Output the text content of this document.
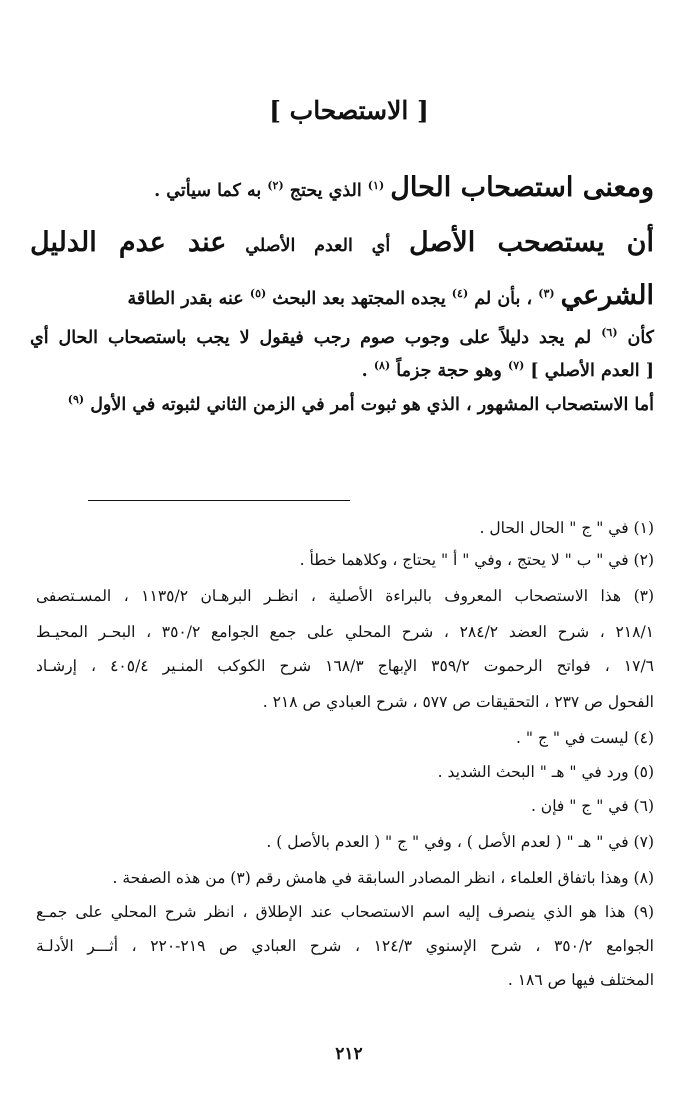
[ الاستصحاب ]
ومعنى استصحاب الحال $^{(١)}$ الذي يحتج $^{(٢)}$ به كما سيأتي .
أن يستصحب الأصل أي العدم الأصلي عند عدم الدليل
الشرعي $^{(٣)}$ ، بأن لم $^{(٤)}$ يجده المجتهد بعد البحث $^{(٥)}$ عنه بقدر الطاقة
كأن $^{(٦)}$ لم يجد دليلاً على وجوب صوم رجب فيقول لا يجب باستصحاب الحال أي
[ العدم الأصلي ] $^{(٧)}$ وهو حجة جزماً $^{(٨)}$ .
أما الاستصحاب المشهور ، الذي هو ثبوت أمر في الزمن الثاني لثبوته في الأول $^{(٩)}$
(١) في " ج " الحال الحال .
(٢) في " ب " لا يحتج ، وفي " أ " يحتاج ، وكلاهما خطأ .
(٣) هذا الاستصحاب المعروف بالبراءة الأصلية ، انظـر البرهـان ١١٣٥/٢ ، المسـتصفى
٢١٨/١ ، شرح العضد ٢٨٤/٢ ، شرح المحلي على جمع الجوامع ٣٥٠/٢ ، البحـر المحيـط
١٧/٦ ، فواتح الرحموت ٣٥٩/٢ الإبهاج ١٦٨/٣ شرح الكوكب المنـير ٤٠٥/٤ ، إرشـاد
الفحول ص ٢٣٧ ، التحقيقات ص ٥٧٧ ، شرح العبادي ص ٢١٨ .
(٤) ليست في " ج " .
(٥) ورد في " هـ " البحث الشديد .
(٦) في " ج " فإن .
(٧) في " هـ " ( لعدم الأصل ) ، وفي " ج " ( العدم بالأصل ) .
(٨) وهذا باتفاق العلماء ، انظر المصادر السابقة في هامش رقم (٣) من هذه الصفحة .
(٩) هذا هو الذي ينصرف إليه اسم الاستصحاب عند الإطلاق ، انظر شرح المحلي على جمـع
الجوامع ٣٥٠/٢ ، شرح الإسنوي ١٢٤/٣ ، شرح العبادي ص ٢١٩-٢٢٠ ، أثـــر الأدلـة
المختلف فيها ص ١٨٦ .
٢١٢
